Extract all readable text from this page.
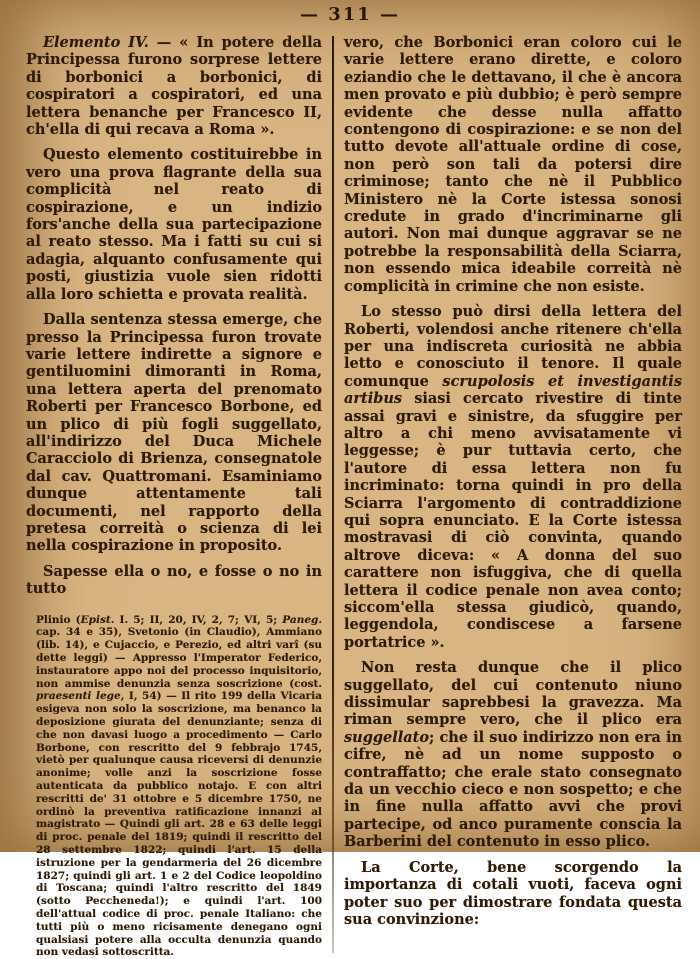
— 311 —

Elemento IV. — « In potere della Principessa furono sorprese lettere di borbonici a borbonici, di cospiratori a cospiratori, ed una lettera benanche per Francesco II, ch'ella di qui recava a Roma ».

Questo elemento costituirebbe in vero una prova flagrante della sua complicità nel reato di cospirazione, e un indizio fors'anche della sua partecipazione al reato stesso. Ma i fatti su cui si adagia, alquanto confusamente qui posti, giustizia vuole sien ridotti alla loro schietta e provata realità.

Dalla sentenza stessa emerge, che presso la Principessa furon trovate varie lettere indirette a signore e gentiluomini dimoranti in Roma, una lettera aperta del prenomato Roberti per Francesco Borbone, ed un plico di più fogli suggellato, all'indirizzo del Duca Michele Caracciolo di Brienza, consegnatole dal cav. Quattromani. Esaminiamo dunque attentamente tali documenti, nel rapporto della pretesa correità o scienza di lei nella cospirazione in proposito.

Sapesse ella o no, e fosse o no in tutto

Plinio (Epist. I. 5; II, 20, IV, 2, 7; VI, 5; Paneg. cap. 34 e 35), Svetonio (in Claudio), Ammiano (lib. 14), e Cujaccio, e Perezio, ed altri varî (su dette leggi) — Appresso l'Imperator Federico, instauratore appo noi del processo inquisitorio, non ammise denunzia senza soscrizione (cost. praesenti lege, I, 54) — Il rito 199 della Vicaria esigeva non solo la soscrizione, ma benanco la deposizione giurata del denunziante; senza di che non davasi luogo a procedimento — Carlo Borbone, con rescritto del 9 febbrajo 1745, vietò per qualunque causa riceversi di denunzie anonime; volle anzi la soscrizione fosse autenticata da pubblico notajo. E con altri rescritti de' 31 ottobre e 5 dicembre 1750, ne ordinò la preventiva ratificazione innanzi al magistrato — Quindi gli art. 28 e 63 delle leggi di proc. penale del 1819; quindi il rescritto del 28 settembre 1822; quindi l'art. 15 della istruzione per la gendarmeria del 26 dicembre 1827; quindi gli art. 1 e 2 del Codice leopoldino di Toscana; quindi l'altro rescritto del 1849 (sotto Peccheneda!); e quindi l'art. 100 dell'attual codice di proc. penale Italiano: che tutti più o meno ricisamente denegano ogni qualsiasi potere alla occulta denunzia quando non vedasi sottoscritta.

vero, che Borbonici eran coloro cui le varie lettere erano dirette, e coloro eziandio che le dettavano, il che è ancora men provato e più dubbio; è però sempre evidente che desse nulla affatto contengono di cospirazione: e se non del tutto devote all'attuale ordine di cose, non però son tali da potersi dire criminose; tanto che nè il Pubblico Ministero nè la Corte istessa sonosi credute in grado d'incriminarne gli autori. Non mai dunque aggravar se ne potrebbe la responsabilità della Sciarra, non essendo mica ideabile correità nè complicità in crimine che non esiste.

Lo stesso può dirsi della lettera del Roberti, volendosi anche ritenere ch'ella per una indiscreta curiosità ne abbia letto e conosciuto il tenore. Il quale comunque scrupolosis et investigantis artibus siasi cercato rivestire di tinte assai gravi e sinistre, da sfuggire per altro a chi meno avvisatamente vi leggesse; è pur tuttavia certo, che l'autore di essa lettera non fu incriminato: torna quindi in pro della Sciarra l'argomento di contraddizione qui sopra enunciato. E la Corte istessa mostravasi di ciò convinta, quando altrove diceva: « A donna del suo carattere non isfuggiva, che di quella lettera il codice penale non avea conto; siccom'ella stessa giudicò, quando, leggendola, condiscese a farsene portatrice ».

Non resta dunque che il plico suggellato, del cui contenuto niuno dissimular saprebbesi la gravezza. Ma riman sempre vero, che il plico era suggellato; che il suo indirizzo non era in cifre, nè ad un nome supposto o contraffatto; che erale stato consegnato da un vecchio cieco e non sospetto; e che in fine nulla affatto avvi che provi partecipe, od anco puramente conscia la Barberini del contenuto in esso plico.

La Corte, bene scorgendo la importanza di cotali vuoti, faceva ogni poter suo per dimostrare fondata questa sua convinzione:
